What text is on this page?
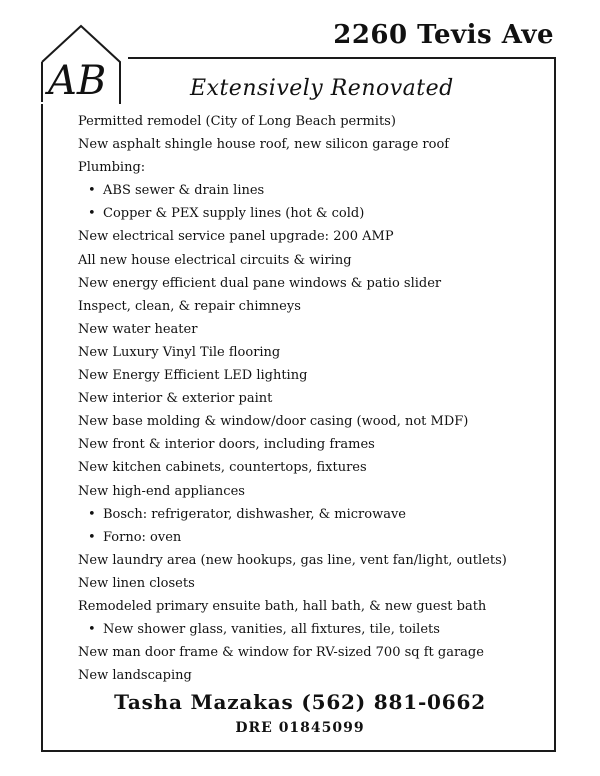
AB
2260 Tevis Ave
Extensively Renovated
Permitted remodel (City of Long Beach permits)
New asphalt shingle house roof, new silicon garage roof
Plumbing:
• ABS sewer & drain lines
• Copper & PEX supply lines (hot & cold)
New electrical service panel upgrade: 200 AMP
All new house electrical circuits & wiring
New energy efficient dual pane windows & patio slider
Inspect, clean, & repair chimneys
New water heater
New Luxury Vinyl Tile flooring
New Energy Efficient LED lighting
New interior & exterior paint
New base molding & window/door casing (wood, not MDF)
New front & interior doors, including frames
New kitchen cabinets, countertops, fixtures
New high-end appliances
• Bosch: refrigerator, dishwasher, & microwave
• Forno: oven
New laundry area (new hookups, gas line, vent fan/light, outlets)
New linen closets
Remodeled primary ensuite bath, hall bath, & new guest bath
• New shower glass, vanities, all fixtures, tile, toilets
New man door frame & window for RV-sized 700 sq ft garage
New landscaping
Tasha Mazakas (562) 881-0662
DRE 01845099
